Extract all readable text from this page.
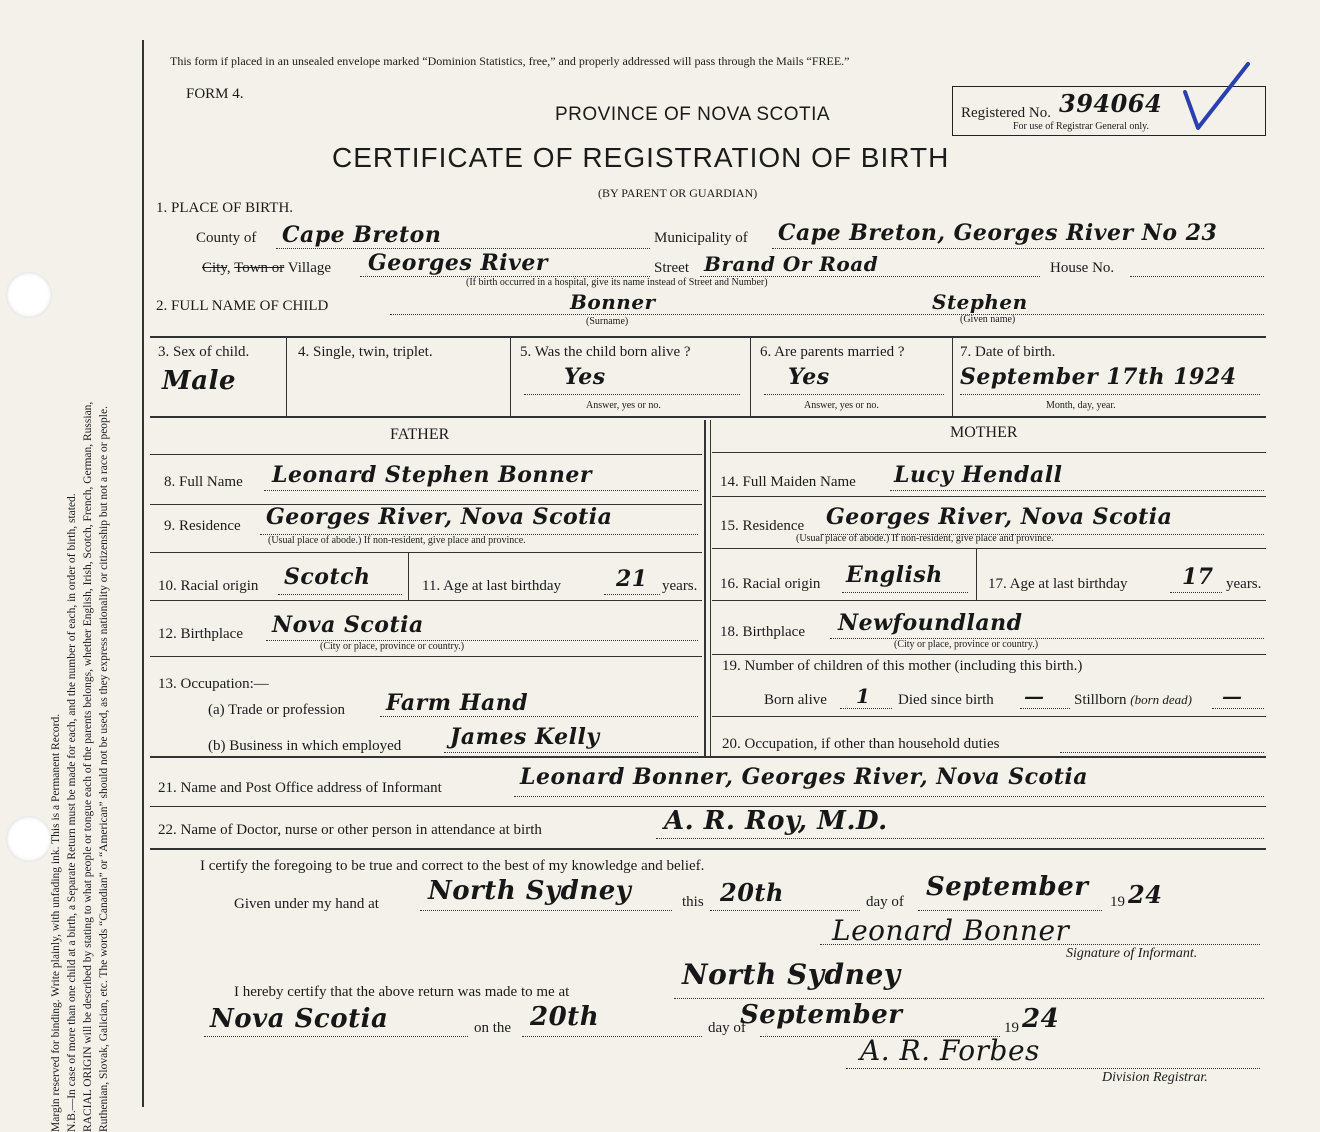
Margin reserved for binding. Write plainly, with unfading ink. This is a Permanent Record. N.B.—In case of more than one child at a birth, a Separate Return must be made for each, and the number of each, in order of birth, stated. RACIAL ORIGIN will be described by stating to what people or tongue each of the parents belongs, whether English, Irish, Scotch, French, German, Russian, Ruthenian, Slovak, Galician, etc. The words “Canadian” or “American” should not be used, as they express nationality or citizenship but not a race or people.
This form if placed in an unsealed envelope marked “Dominion Statistics, free,” and properly addressed will pass through the Mails “FREE.”
FORM 4.
PROVINCE OF NOVA SCOTIA
CERTIFICATE OF REGISTRATION OF BIRTH
(BY PARENT OR GUARDIAN)
Registered No. 394064
For use of Registrar General only.
1. PLACE OF BIRTH.
County of Cape Breton	Municipality of Cape Breton, Georges River No 23
City, Town or Village Georges River
(If birth occurred in a hospital, give its name instead of Street and Number)
Street Brand Or Road	House No.
2. FULL NAME OF CHILD	Bonner	Stephen
(Surname)	(Given name)
3. Sex of child.
Male
4. Single, twin, triplet.	5. Was the child born alive ?
Yes
Answer, yes or no.
6. Are parents married ?
Yes
Answer, yes or no.
7. Date of birth.
September 17th 1924
Month, day, year.
FATHER	MOTHER
8. Full Name Leonard Stephen Bonner
9. Residence Georges River, Nova Scotia
(Usual place of abode.) If non-resident, give place and province.
10. Racial origin Scotch	11. Age at last birthday	21 years.
12. Birthplace Nova Scotia
(City or place, province or country.)
13. Occupation:—
(a) Trade or profession Farm Hand
(b) Business in which employed James Kelly
14. Full Maiden Name Lucy Hendall
15. Residence Georges River, Nova Scotia
(Usual place of abode.) If non-resident, give place and province.
16. Racial origin English	17. Age at last birthday 17 years.
18. Birthplace Newfoundland
(City or place, province or country.)
19. Number of children of this mother (including this birth.)
Born alive 1 Died since birth — Stillborn (born dead) —
20. Occupation, if other than household duties
21. Name and Post Office address of Informant	Leonard Bonner, Georges River, Nova Scotia
22. Name of Doctor, nurse or other person in attendance at birth	A. R. Roy, M.D.
I certify the foregoing to be true and correct to the best of my knowledge and belief.
Given under my hand at North Sydney	this 20th	day of September 19 24
Leonard Bonner
Signature of Informant.
I hereby certify that the above return was made to me at
North Sydney
Nova Scotia	on the 20th	day of
September	19 24
A. R. Forbes
Division Registrar.
